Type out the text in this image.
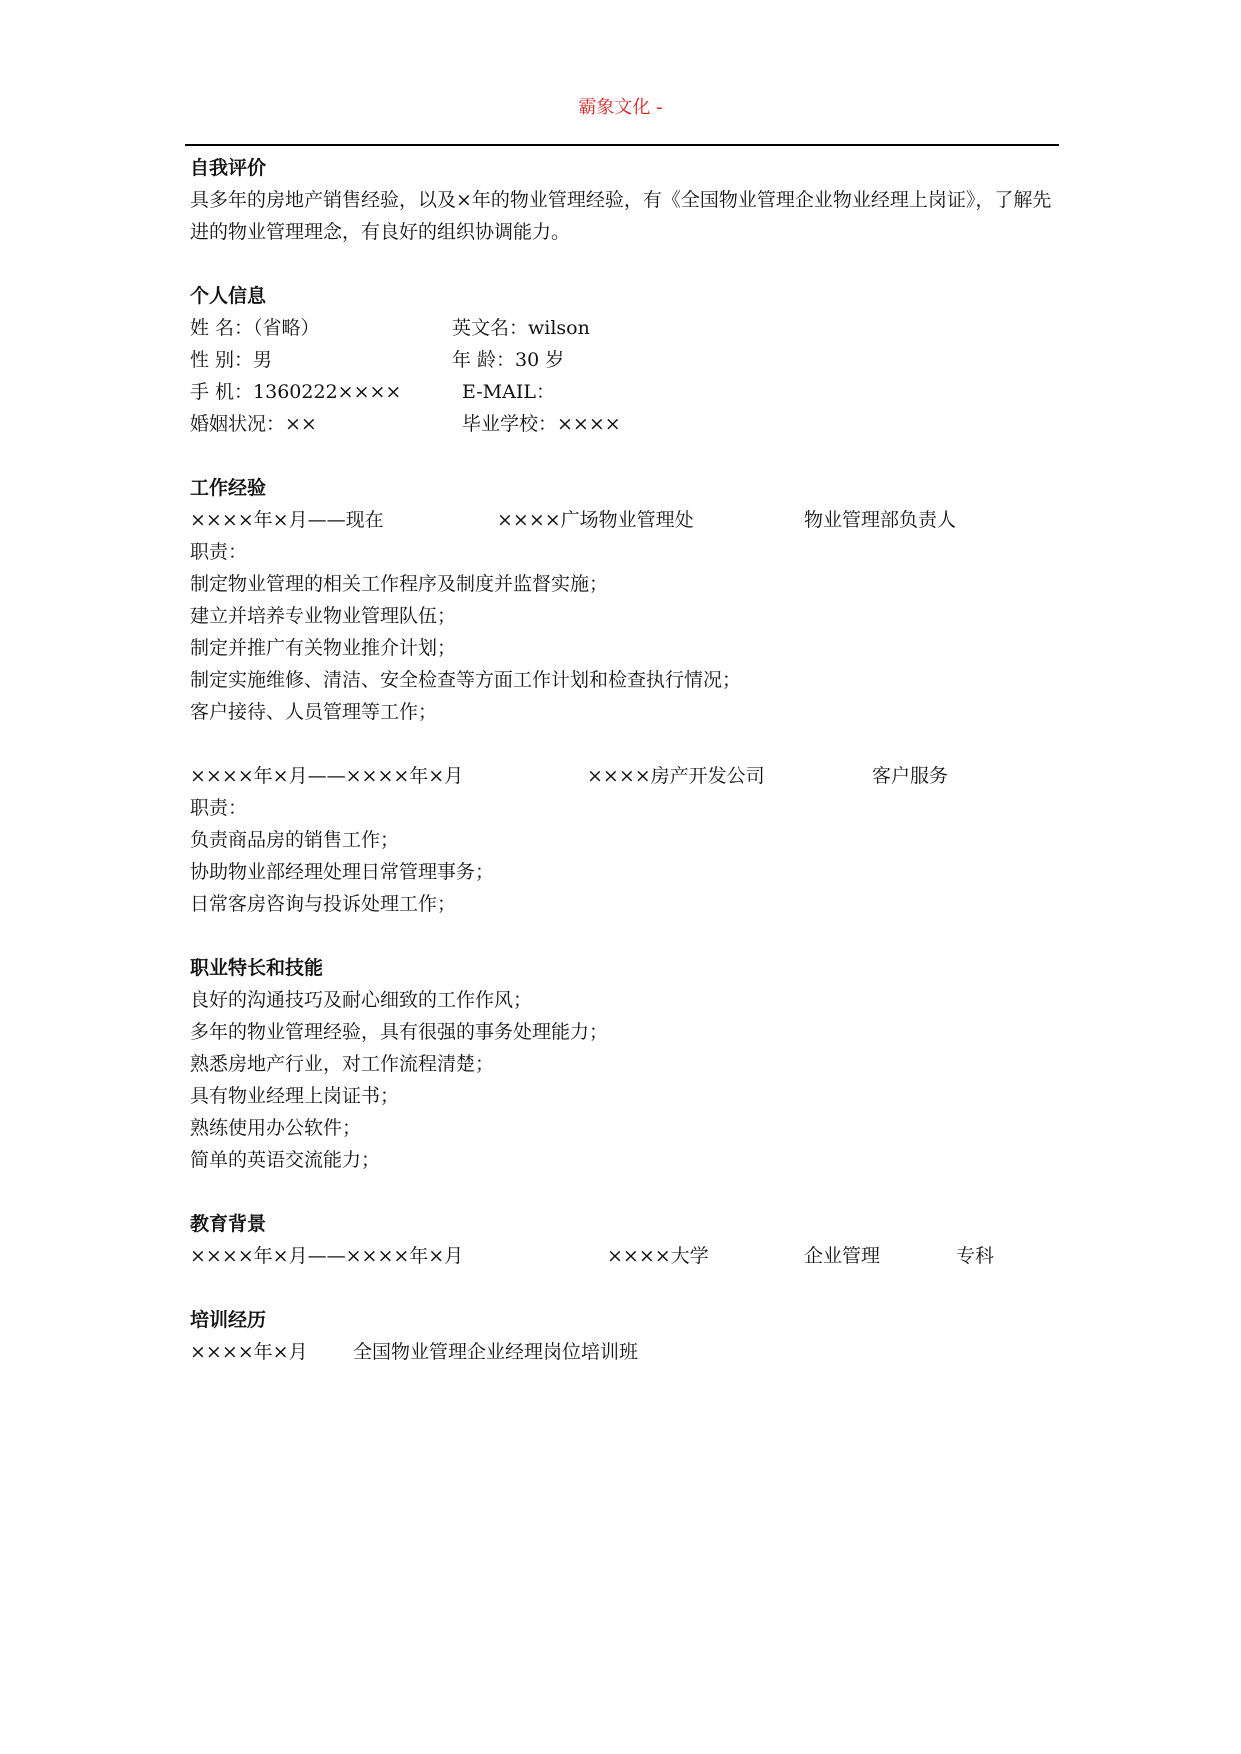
霸象文化 -
自我评价
具多年的房地产销售经验，以及×年的物业管理经验，有《全国物业管理企业物业经理上岗证》，了解先进的物业管理理念，有良好的组织协调能力。
个人信息
姓 名：（省略）	英文名：wilson
性 别：男	年 龄：30 岁
手 机：1360222××××	E-MAIL：
婚姻状况：××	毕业学校：××××
工作经验
××××年×月——现在	××××广场物业管理处	物业管理部负责人
职责：
制定物业管理的相关工作程序及制度并监督实施；
建立并培养专业物业管理队伍；
制定并推广有关物业推介计划；
制定实施维修、清洁、安全检查等方面工作计划和检查执行情况；
客户接待、人员管理等工作；
××××年×月——××××年×月	××××房产开发公司	客户服务
职责：
负责商品房的销售工作；
协助物业部经理处理日常管理事务；
日常客房咨询与投诉处理工作；
职业特长和技能
良好的沟通技巧及耐心细致的工作作风；
多年的物业管理经验，具有很强的事务处理能力；
熟悉房地产行业，对工作流程清楚；
具有物业经理上岗证书；
熟练使用办公软件；
简单的英语交流能力；
教育背景
××××年×月——××××年×月	××××大学	企业管理	专科
培训经历
××××年×月 全国物业管理企业经理岗位培训班
